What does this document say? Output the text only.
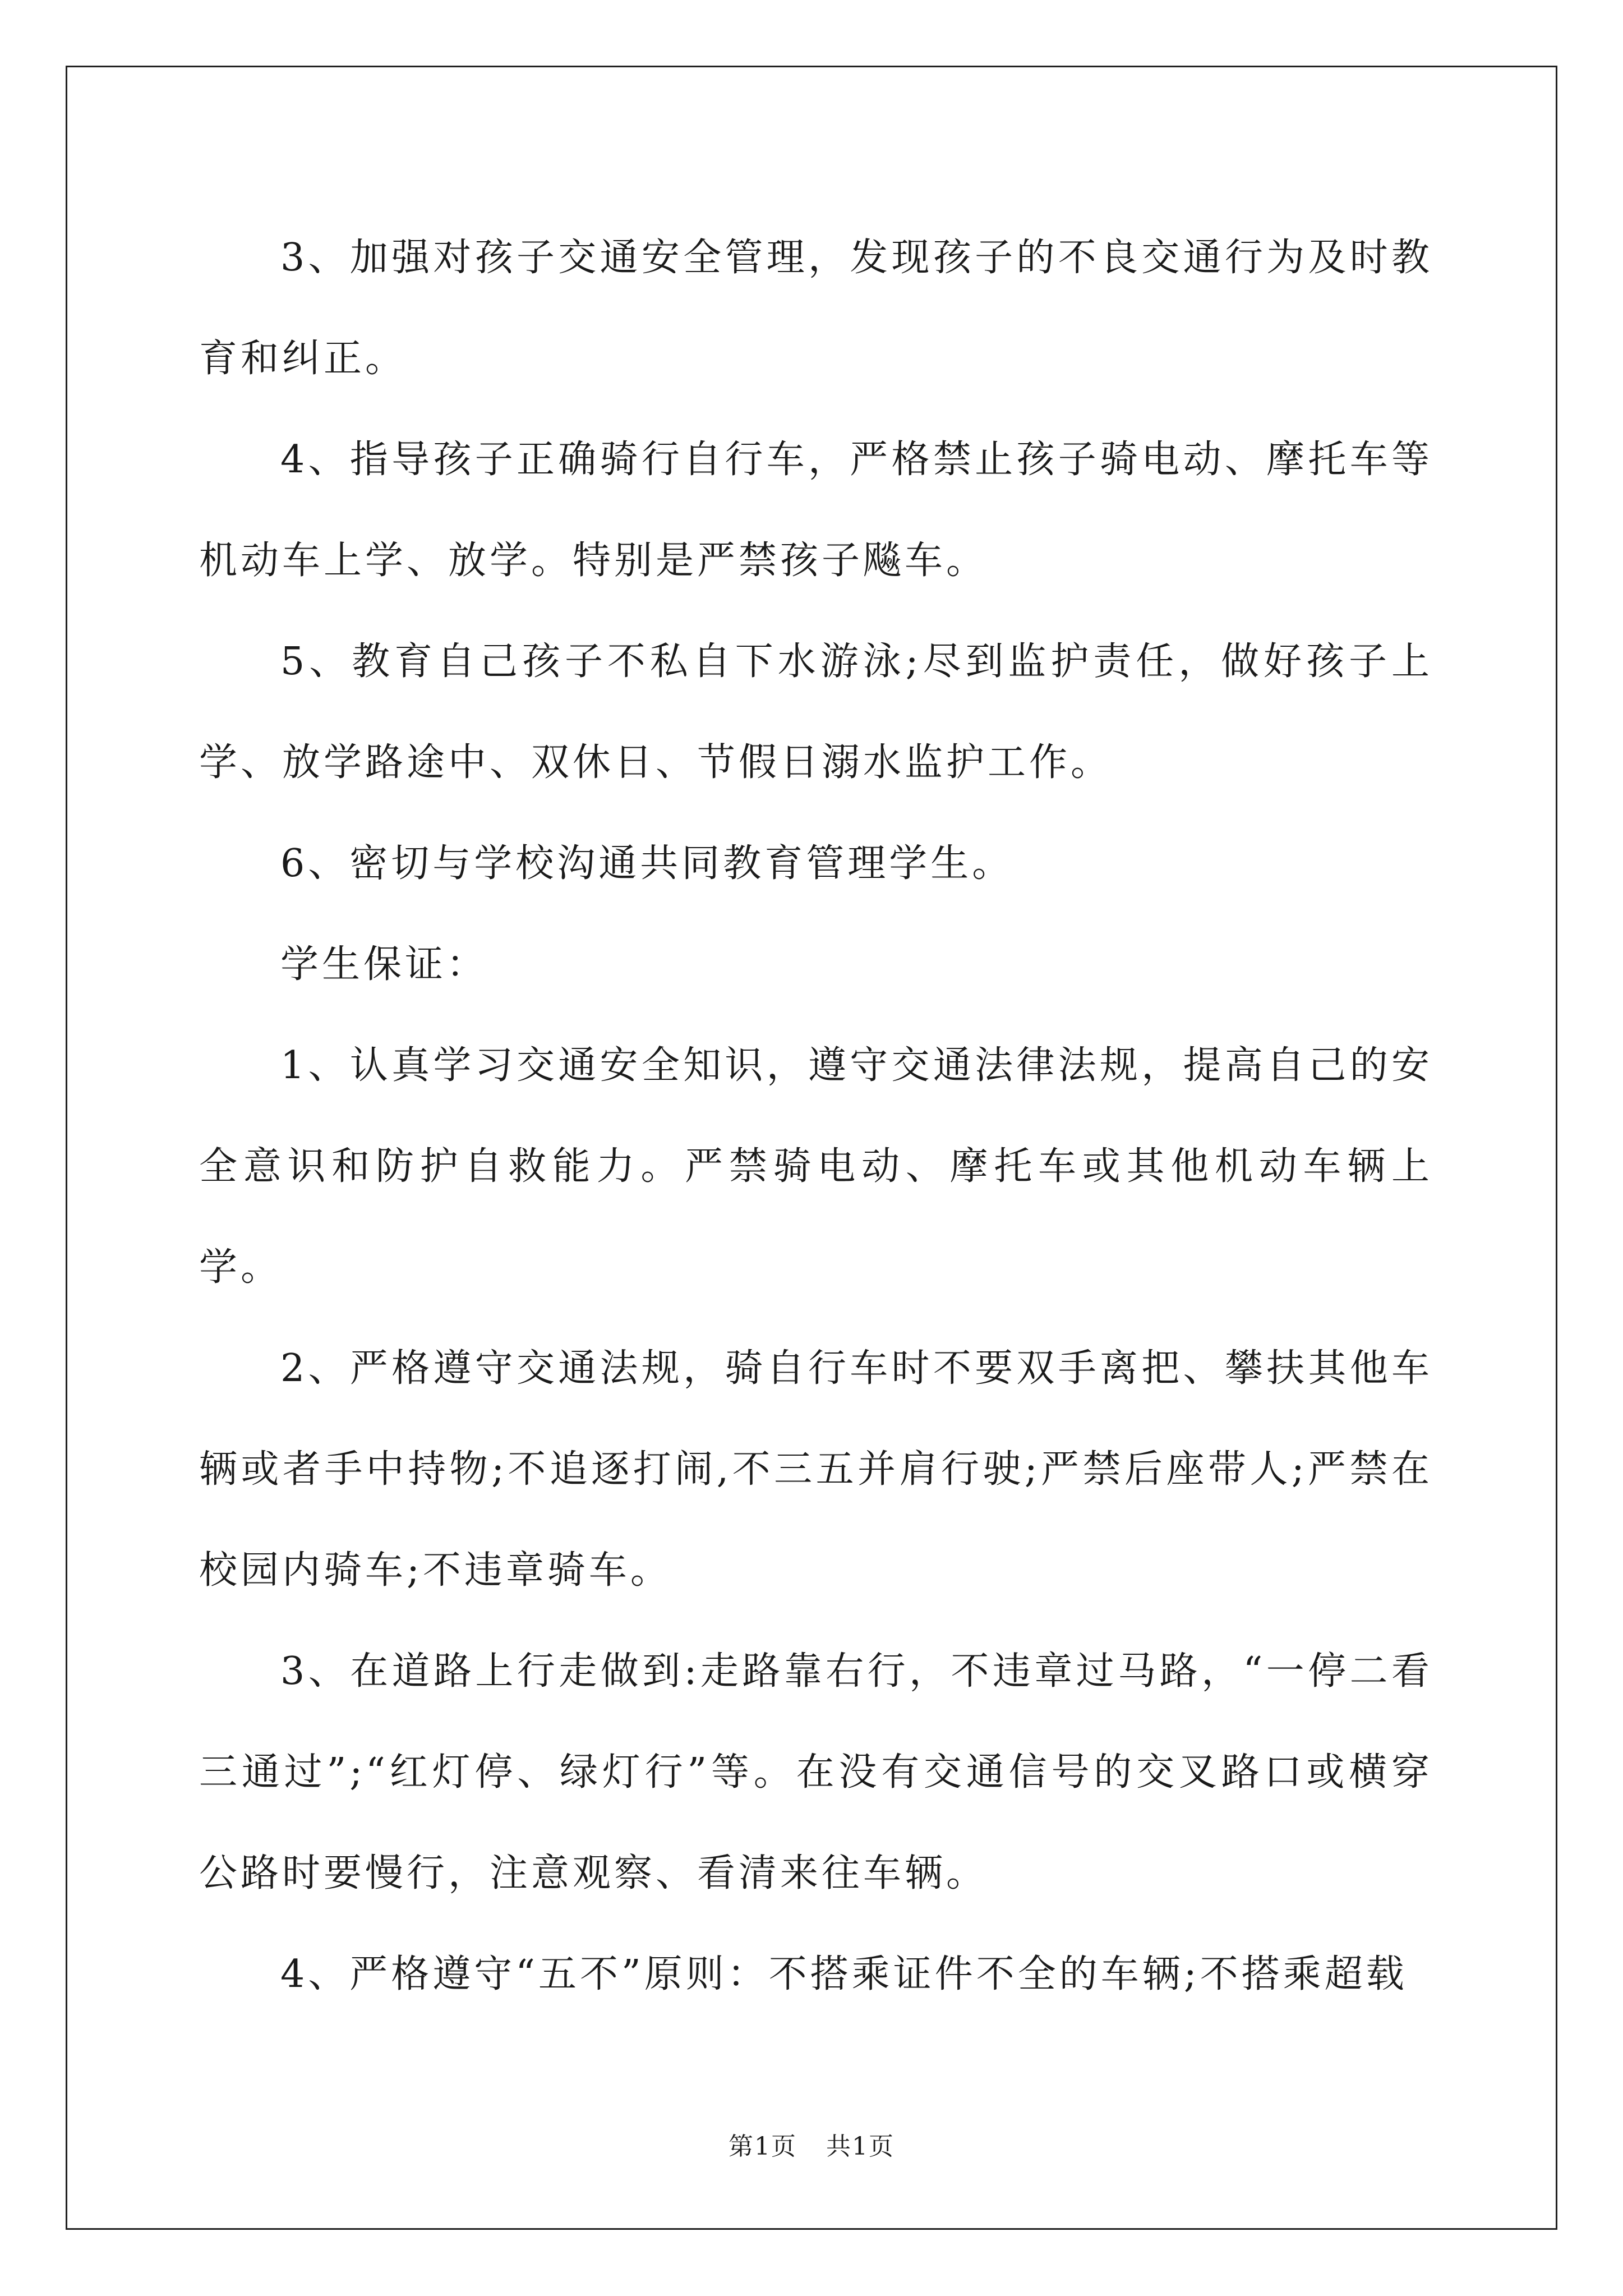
3、加强对孩子交通安全管理，发现孩子的不良交通行为及时教育和纠正。

4、指导孩子正确骑行自行车，严格禁止孩子骑电动、摩托车等机动车上学、放学。特别是严禁孩子飚车。

5、教育自己孩子不私自下水游泳;尽到监护责任，做好孩子上学、放学路途中、双休日、节假日溺水监护工作。

6、密切与学校沟通共同教育管理学生。

学生保证：

1、认真学习交通安全知识，遵守交通法律法规，提高自己的安全意识和防护自救能力。严禁骑电动、摩托车或其他机动车辆上学。

2、严格遵守交通法规，骑自行车时不要双手离把、攀扶其他车辆或者手中持物;不追逐打闹,不三五并肩行驶;严禁后座带人;严禁在校园内骑车;不违章骑车。

3、在道路上行走做到:走路靠右行，不违章过马路，“一停二看三通过”;“红灯停、绿灯行”等。在没有交通信号的交叉路口或横穿公路时要慢行，注意观察、看清来往车辆。

4、严格遵守“五不”原则：不搭乘证件不全的车辆;不搭乘超载

第1页 共1页
